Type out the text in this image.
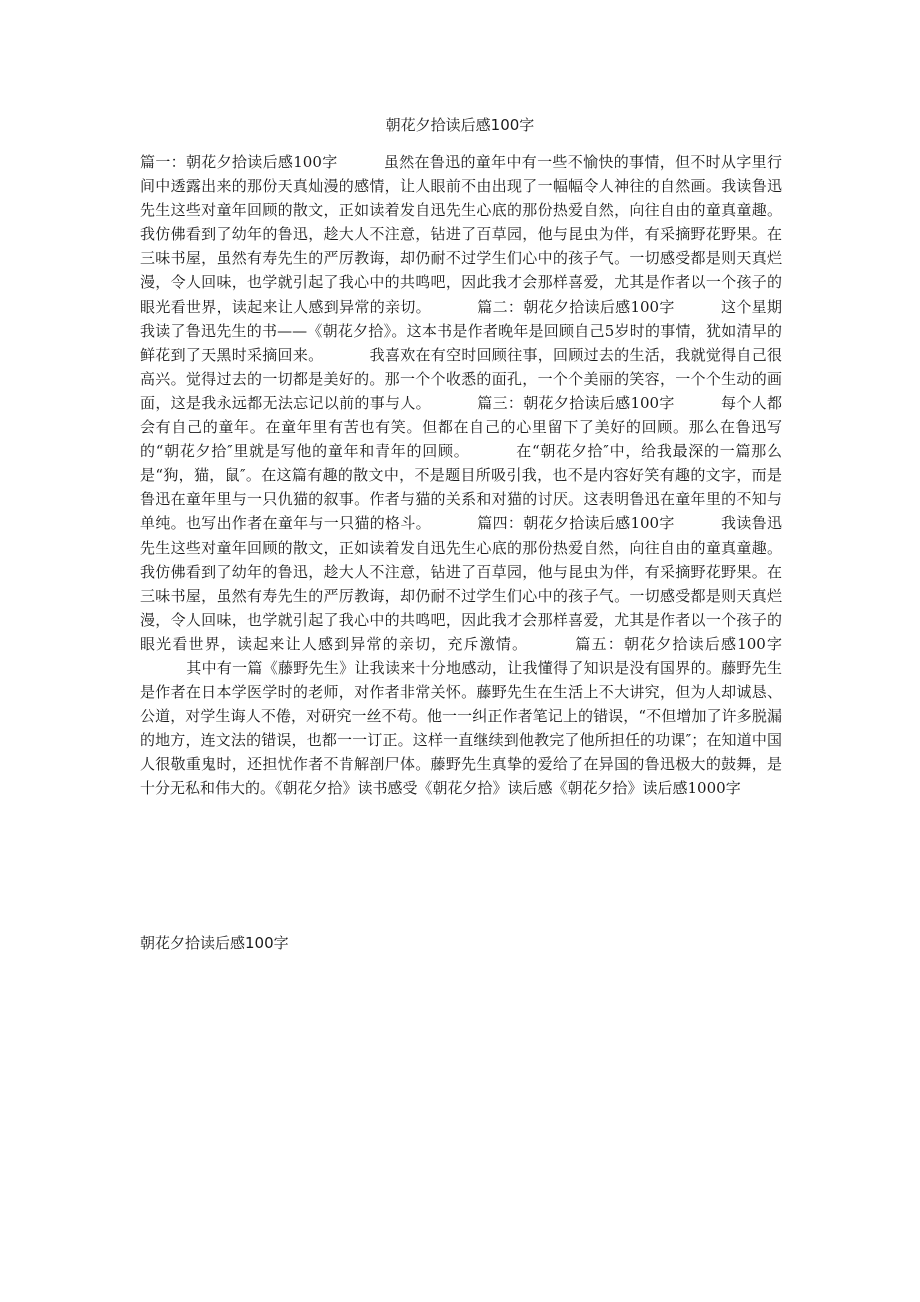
朝花夕拾读后感100字

篇一：朝花夕拾读后感100字	虽然在鲁迅的童年中有一些不愉快的事情，但不时从字里行间中透露出来的那份天真灿漫的感情，让人眼前不由出现了一幅幅令人神往的自然画。我读鲁迅先生这些对童年回顾的散文，正如读着发自迅先生心底的那份热爱自然，向往自由的童真童趣。我仿佛看到了幼年的鲁迅，趁大人不注意，钻进了百草园，他与昆虫为伴，有采摘野花野果。在三味书屋，虽然有寿先生的严厉教诲，却仍耐不过学生们心中的孩子气。一切感受都是则天真烂漫，令人回味，也学就引起了我心中的共鸣吧，因此我才会那样喜爱，尤其是作者以一个孩子的眼光看世界，读起来让人感到异常的亲切。	篇二：朝花夕拾读后感100字	这个星期我读了鲁迅先生的书——《朝花夕拾》。这本书是作者晚年是回顾自己5岁时的事情，犹如清早的鲜花到了天黑时采摘回来。	我喜欢在有空时回顾往事，回顾过去的生活，我就觉得自己很高兴。觉得过去的一切都是美好的。那一个个收悉的面孔，一个个美丽的笑容，一个个生动的画面，这是我永远都无法忘记以前的事与人。	篇三：朝花夕拾读后感100字	每个人都会有自己的童年。在童年里有苦也有笑。但都在自己的心里留下了美好的回顾。那么在鲁迅写的“朝花夕拾″里就是写他的童年和青年的回顾。	在“朝花夕拾″中，给我最深的一篇那么是“狗，猫，鼠″。在这篇有趣的散文中，不是题目所吸引我，也不是内容好笑有趣的文字，而是鲁迅在童年里与一只仇猫的叙事。作者与猫的关系和对猫的讨厌。这表明鲁迅在童年里的不知与单纯。也写出作者在童年与一只猫的格斗。	篇四：朝花夕拾读后感100字	我读鲁迅先生这些对童年回顾的散文，正如读着发自迅先生心底的那份热爱自然，向往自由的童真童趣。我仿佛看到了幼年的鲁迅，趁大人不注意，钻进了百草园，他与昆虫为伴，有采摘野花野果。在三味书屋，虽然有寿先生的严厉教诲，却仍耐不过学生们心中的孩子气。一切感受都是则天真烂漫，令人回味，也学就引起了我心中的共鸣吧，因此我才会那样喜爱，尤其是作者以一个孩子的眼光看世界，读起来让人感到异常的亲切，充斥激情。	篇五：朝花夕拾读后感100字其中有一篇《藤野先生》让我读来十分地感动，让我懂得了知识是没有国界的。藤野先生是作者在日本学医学时的老师，对作者非常关怀。藤野先生在生活上不大讲究，但为人却诚恳、公道，对学生诲人不倦，对研究一丝不苟。他一一纠正作者笔记上的错误，“不但增加了许多脱漏的地方，连文法的错误，也都一一订正。这样一直继续到他教完了他所担任的功课″；在知道中国人很敬重鬼时，还担忧作者不肯解剖尸体。藤野先生真挚的爱给了在异国的鲁迅极大的鼓舞，是十分无私和伟大的。《朝花夕拾》读书感受《朝花夕拾》读后感《朝花夕拾》读后感1000字

朝花夕拾读后感100字
